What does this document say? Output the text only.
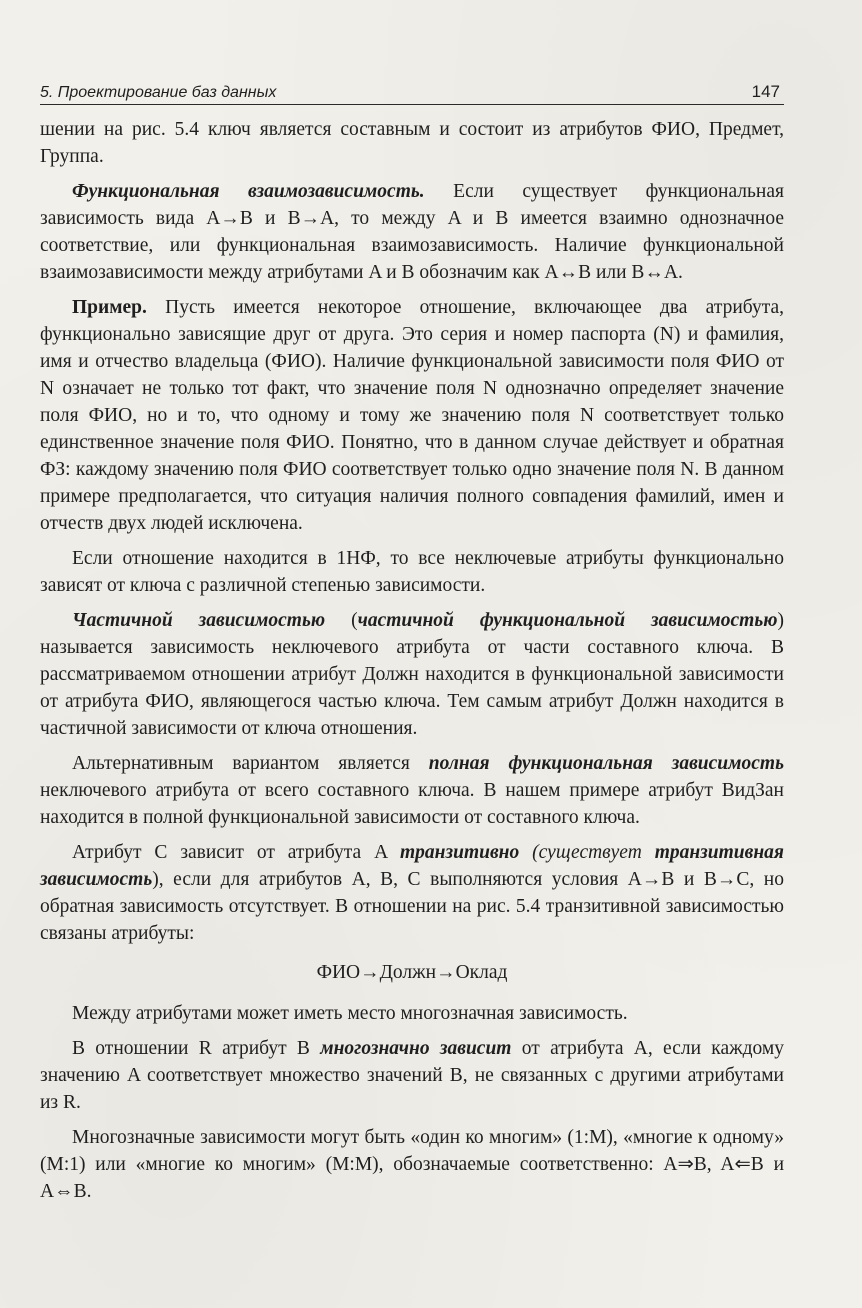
5. Проектирование баз данных	147

шении на рис. 5.4 ключ является составным и состоит из атрибутов ФИО, Предмет, Группа.

Функциональная взаимозависимость. Если существует функциональная зависимость вида A→B и B→A, то между A и B имеется взаимно однозначное соответствие, или функциональная взаимозависимость. Наличие функциональной взаимозависимости между атрибутами A и B обозначим как A↔B или B↔A.

Пример. Пусть имеется некоторое отношение, включающее два атрибута, функционально зависящие друг от друга. Это серия и номер паспорта (N) и фамилия, имя и отчество владельца (ФИО). Наличие функциональной зависимости поля ФИО от N означает не только тот факт, что значение поля N однозначно определяет значение поля ФИО, но и то, что одному и тому же значению поля N соответствует только единственное значение поля ФИО. Понятно, что в данном случае действует и обратная ФЗ: каждому значению поля ФИО соответствует только одно значение поля N. В данном примере предполагается, что ситуация наличия полного совпадения фамилий, имен и отчеств двух людей исключена.

Если отношение находится в 1НФ, то все неключевые атрибуты функционально зависят от ключа с различной степенью зависимости.

Частичной зависимостью (частичной функциональной зависимостью) называется зависимость неключевого атрибута от части составного ключа. В рассматриваемом отношении атрибут Должн находится в функциональной зависимости от атрибута ФИО, являющегося частью ключа. Тем самым атрибут Должн находится в частичной зависимости от ключа отношения.

Альтернативным вариантом является полная функциональная зависимость неключевого атрибута от всего составного ключа. В нашем примере атрибут ВидЗан находится в полной функциональной зависимости от составного ключа.

Атрибут C зависит от атрибута A транзитивно (существует транзитивная зависимость), если для атрибутов A, B, C выполняются условия A→B и B→C, но обратная зависимость отсутствует. В отношении на рис. 5.4 транзитивной зависимостью связаны атрибуты:

ФИО→Должн→Оклад

Между атрибутами может иметь место многозначная зависимость.

В отношении R атрибут B многозначно зависит от атрибута A, если каждому значению A соответствует множество значений B, не связанных с другими атрибутами из R.

Многозначные зависимости могут быть «один ко многим» (1:M), «многие к одному» (M:1) или «многие ко многим» (M:M), обозначаемые соответственно: A⇒B, A⇐B и A⇔B.
